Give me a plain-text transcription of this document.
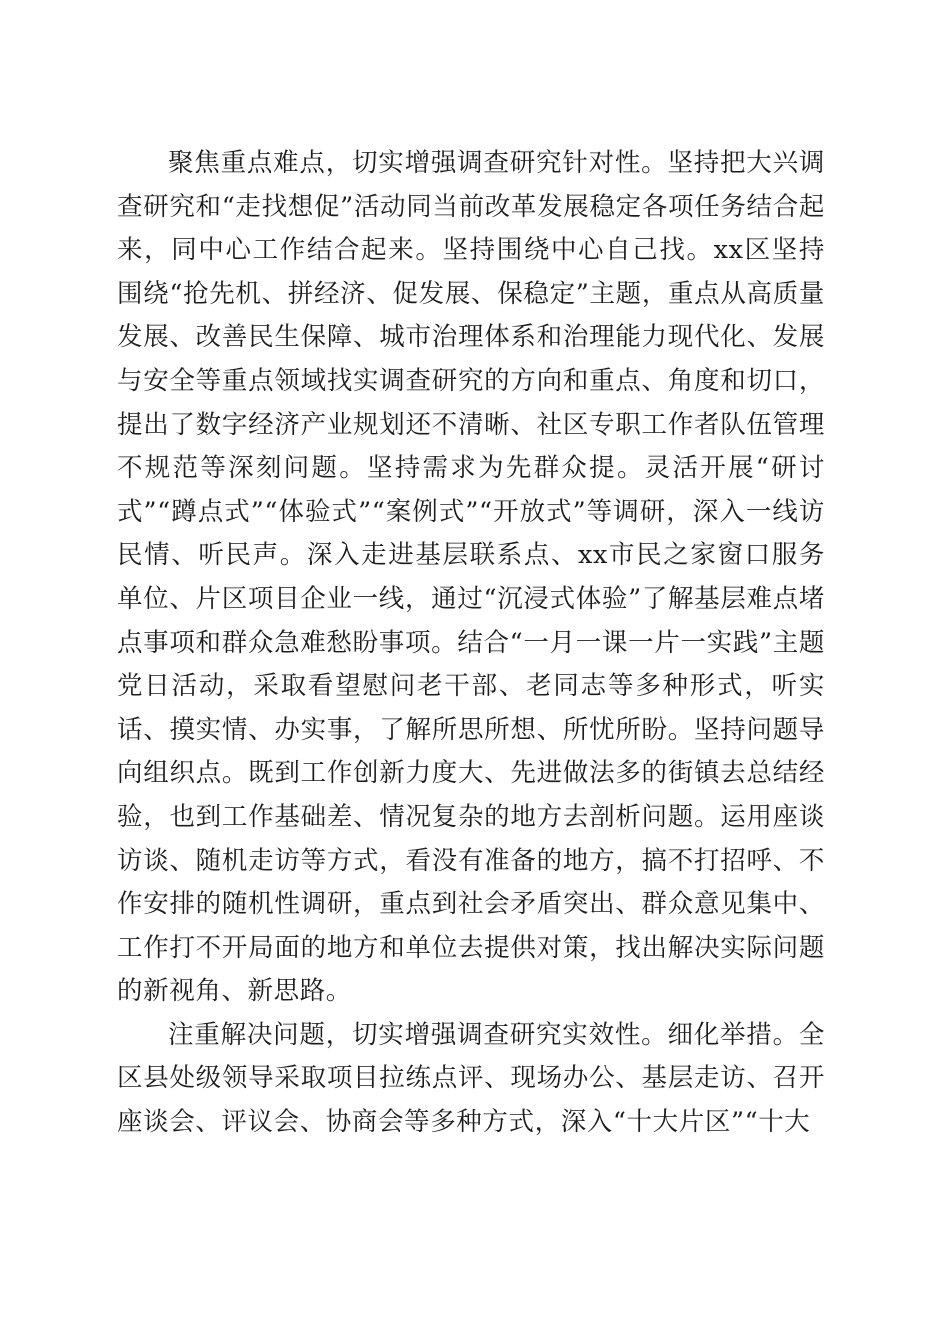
聚焦重点难点，切实增强调查研究针对性。坚持把大兴调查研究和“走找想促”活动同当前改革发展稳定各项任务结合起来，同中心工作结合起来。坚持围绕中心自己找。xx区坚持围绕“抢先机、拼经济、促发展、保稳定”主题，重点从高质量发展、改善民生保障、城市治理体系和治理能力现代化、发展与安全等重点领域找实调查研究的方向和重点、角度和切口，提出了数字经济产业规划还不清晰、社区专职工作者队伍管理不规范等深刻问题。坚持需求为先群众提。灵活开展“研讨式”“蹲点式”“体验式”“案例式”“开放式”等调研，深入一线访民情、听民声。深入走进基层联系点、xx市民之家窗口服务单位、片区项目企业一线，通过“沉浸式体验”了解基层难点堵点事项和群众急难愁盼事项。结合“一月一课一片一实践”主题党日活动，采取看望慰问老干部、老同志等多种形式，听实话、摸实情、办实事，了解所思所想、所忧所盼。坚持问题导向组织点。既到工作创新力度大、先进做法多的街镇去总结经验，也到工作基础差、情况复杂的地方去剖析问题。运用座谈访谈、随机走访等方式，看没有准备的地方，搞不打招呼、不作安排的随机性调研，重点到社会矛盾突出、群众意见集中、工作打不开局面的地方和单位去提供对策，找出解决实际问题的新视角、新思路。

注重解决问题，切实增强调查研究实效性。细化举措。全区县处级领导采取项目拉练点评、现场办公、基层走访、召开座谈会、评议会、协商会等多种方式，深入“十大片区”“十大
